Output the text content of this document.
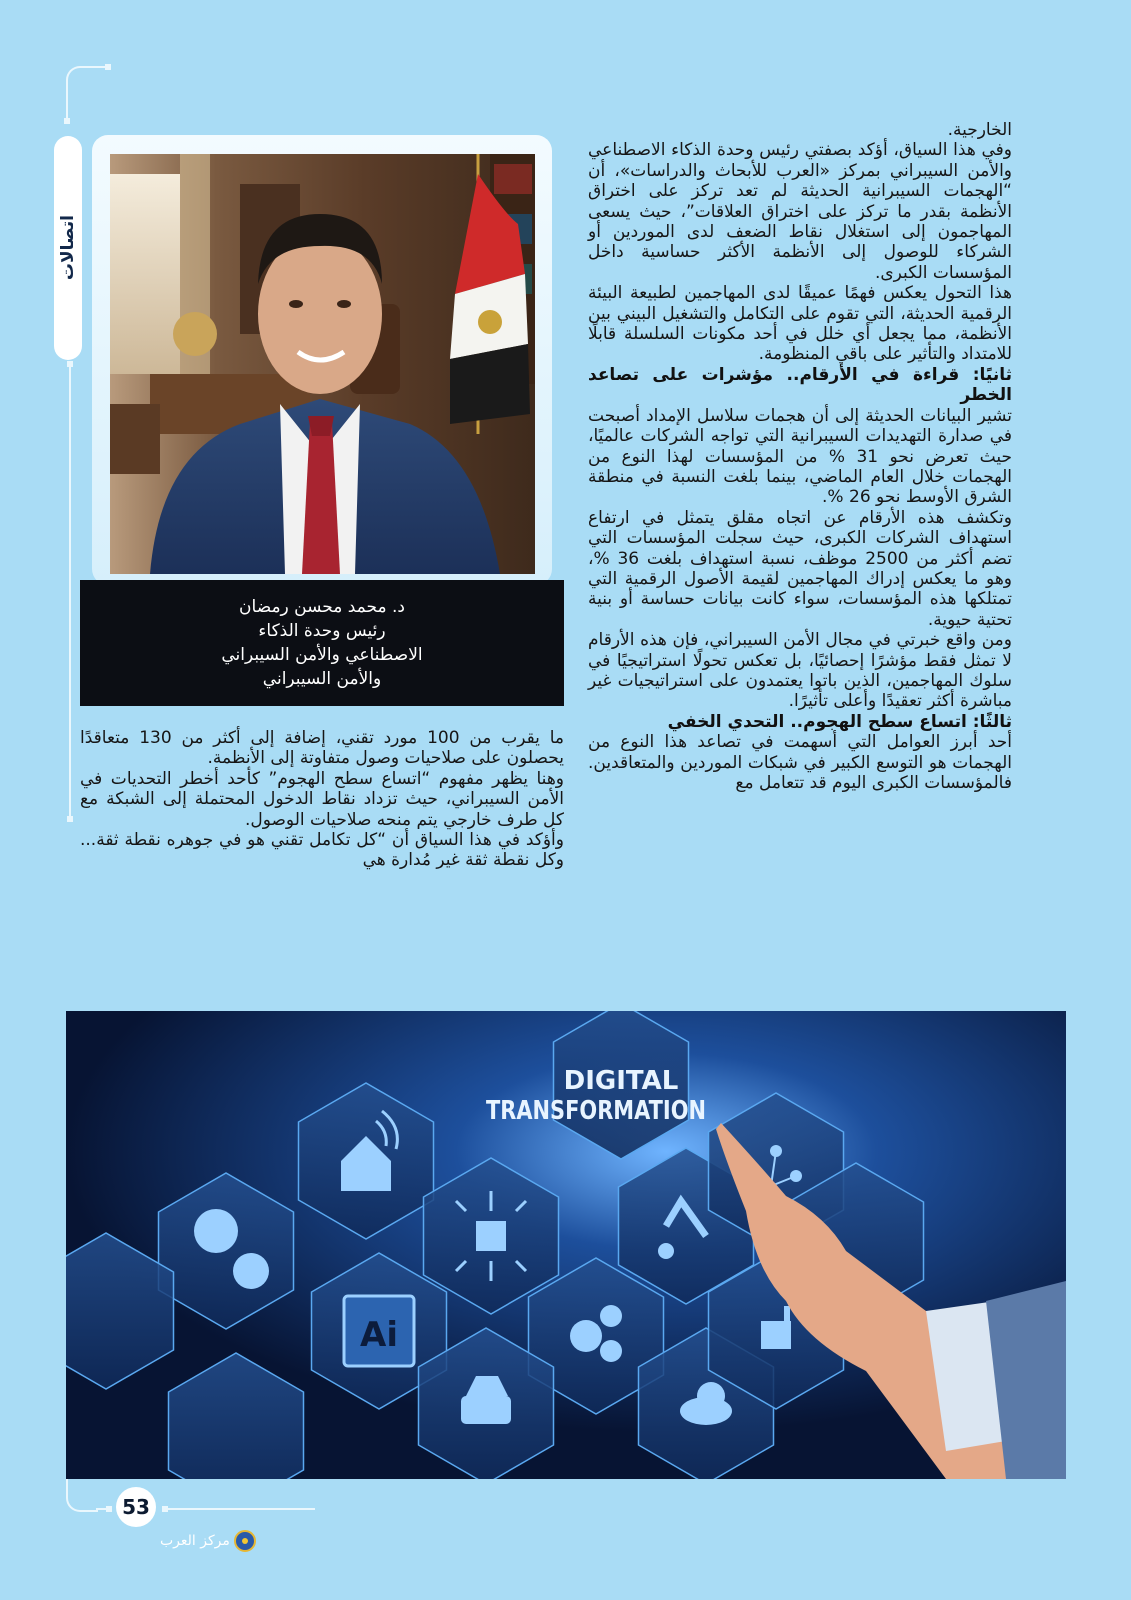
اتصالات
د. محمد محسن رمضان
رئيس وحدة الذكاء
الاصطناعي والأمن السيبراني
والأمن السيبراني

الخارجية.

وفي هذا السياق، أؤكد بصفتي رئيس وحدة الذكاء الاصطناعي والأمن السيبراني بمركز «العرب للأبحاث والدراسات»، أن “الهجمات السيبرانية الحديثة لم تعد تركز على اختراق الأنظمة بقدر ما تركز على اختراق العلاقات”، حيث يسعى المهاجمون إلى استغلال نقاط الضعف لدى الموردين أو الشركاء للوصول إلى الأنظمة الأكثر حساسية داخل المؤسسات الكبرى.

هذا التحول يعكس فهمًا عميقًا لدى المهاجمين لطبيعة البيئة الرقمية الحديثة، التي تقوم على التكامل والتشغيل البيني بين الأنظمة، مما يجعل أي خلل في أحد مكونات السلسلة قابلًا للامتداد والتأثير على باقي المنظومة.

ثانيًا: قراءة في الأرقام.. مؤشرات على تصاعد الخطر

تشير البيانات الحديثة إلى أن هجمات سلاسل الإمداد أصبحت في صدارة التهديدات السيبرانية التي تواجه الشركات عالميًا، حيث تعرض نحو 31 % من المؤسسات لهذا النوع من الهجمات خلال العام الماضي، بينما بلغت النسبة في منطقة الشرق الأوسط نحو 26 %.

وتكشف هذه الأرقام عن اتجاه مقلق يتمثل في ارتفاع استهداف الشركات الكبرى، حيث سجلت المؤسسات التي تضم أكثر من 2500 موظف، نسبة استهداف بلغت 36 %، وهو ما يعكس إدراك المهاجمين لقيمة الأصول الرقمية التي تمتلكها هذه المؤسسات، سواء كانت بيانات حساسة أو بنية تحتية حيوية.

ومن واقع خبرتي في مجال الأمن السيبراني، فإن هذه الأرقام لا تمثل فقط مؤشرًا إحصائيًا، بل تعكس تحولًا استراتيجيًا في سلوك المهاجمين، الذين باتوا يعتمدون على استراتيجيات غير مباشرة أكثر تعقيدًا وأعلى تأثيرًا.

ثالثًا: اتساع سطح الهجوم.. التحدي الخفي

أحد أبرز العوامل التي أسهمت في تصاعد هذا النوع من الهجمات هو التوسع الكبير في شبكات الموردين والمتعاقدين. فالمؤسسات الكبرى اليوم قد تتعامل مع

ما يقرب من 100 مورد تقني، إضافة إلى أكثر من 130 متعاقدًا يحصلون على صلاحيات وصول متفاوتة إلى الأنظمة.

وهنا يظهر مفهوم “اتساع سطح الهجوم” كأحد أخطر التحديات في الأمن السيبراني، حيث تزداد نقاط الدخول المحتملة إلى الشبكة مع كل طرف خارجي يتم منحه صلاحيات الوصول.

وأؤكد في هذا السياق أن “كل تكامل تقني هو في جوهره نقطة ثقة... وكل نقطة ثقة غير مُدارة هي

Ai
DIGITAL
TRANSFORMATION
53
مركز العرب
